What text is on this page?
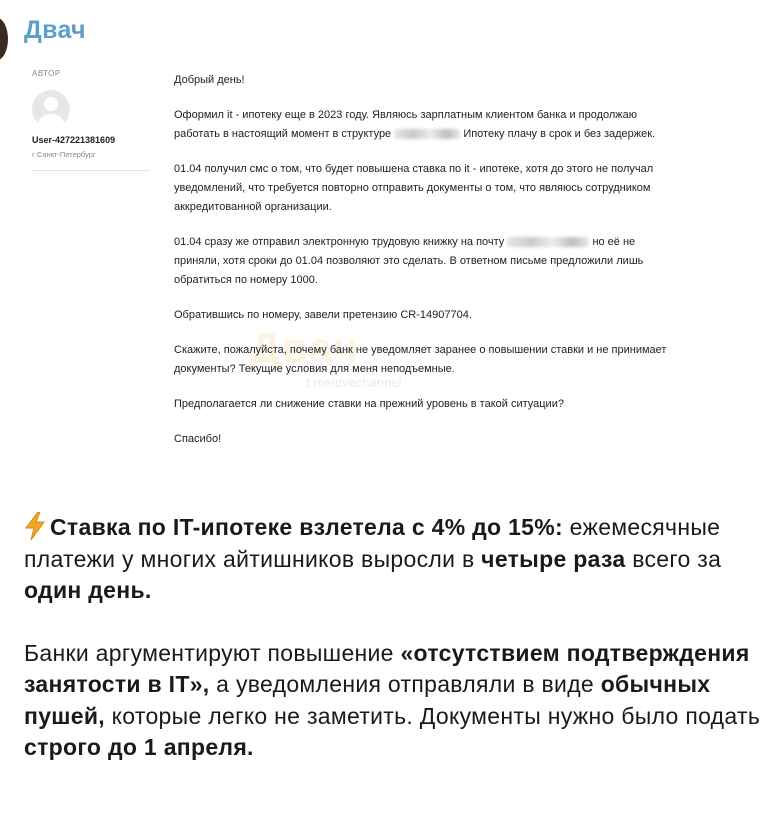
Двач
АВТОР
User-427221381609
г Санкт-Петербург
Двач
t.me/dvachannel

Добрый день!

Оформил it - ипотеку еще в 2023 году. Являюсь зарплатным клиентом банка и продолжаю работать в настоящий момент в структуре	Ипотеку плачу в срок и без задержек.

01.04 получил смс о том, что будет повышена ставка по it - ипотеке, хотя до этого не получал уведомлений, что требуется повторно отправить документы о том, что являюсь сотрудником аккредитованной организации.

01.04 сразу же отправил электронную трудовую книжку на почту	но её не приняли, хотя сроки до 01.04 позволяют это сделать. В ответном письме предложили лишь обратиться по номеру 1000.

Обратившись по номеру, завели претензию CR-14907704.

Скажите, пожалуйста, почему банк не уведомляет заранее о повышении ставки и не принимает документы? Текущие условия для меня неподъемные.

Предполагается ли снижение ставки на прежний уровень в такой ситуации?

Спасибо!

Ставка по IT-ипотеке взлетела с 4% до 15%: ежемесячные платежи у многих айтишников выросли в четыре раза всего за один день.

Банки аргументируют повышение «отсутствием подтверждения занятости в IT», а уведомления отправляли в виде обычных пушей, которые легко не заметить. Документы нужно было подать строго до 1 апреля.
